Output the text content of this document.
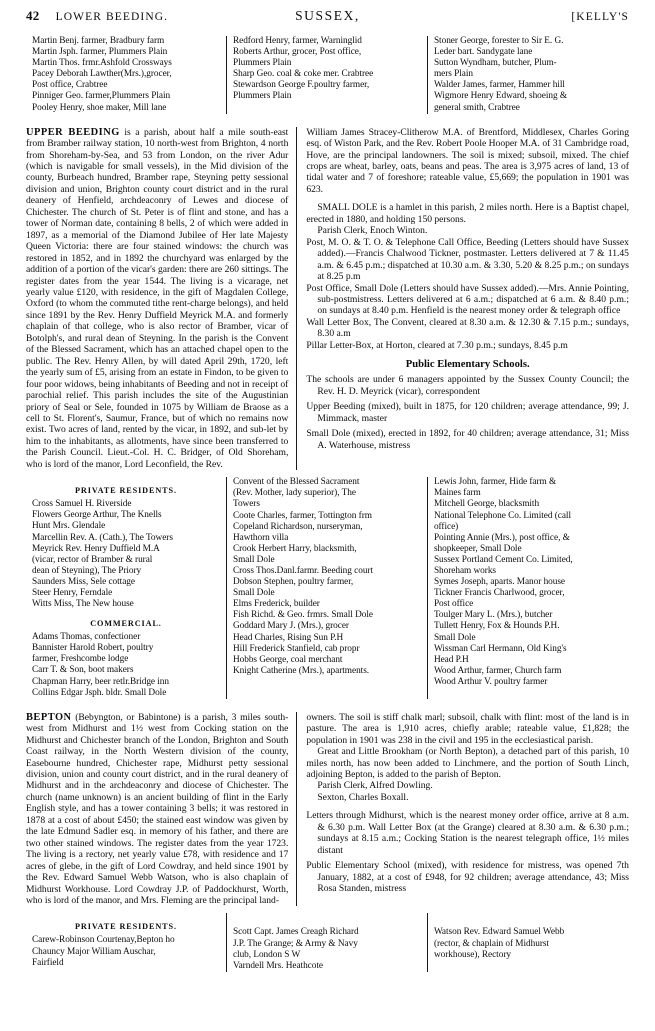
42 LOWER BEEDING.	SUSSEX,	[KELLY'S
Martin Benj. farmer, Bradbury farm
Martin Jsph. farmer, Plummers Plain
Martin Thos. frmr.Ashfold Crossways
Pacey Deborah Lawther(Mrs.),grocer,
Post office, Crabtree
Pinniger Geo. farmer,Plummers Plain
Pooley Henry, shoe maker, Mill lane
Redford Henry, farmer, Warninglid
Roberts Arthur, grocer, Post office,
Plummers Plain
Sharp Geo. coal & coke mer. Crabtree
Stewardson George F.poultry farmer,
Plummers Plain
Stoner George, forester to Sir E. G.
Leder bart. Sandygate lane
Sutton Wyndham, butcher, Plum-
mers Plain
Walder James, farmer, Hammer hill
Wigmore Henry Edward, shoeing &
general smith, Crabtree

UPPER BEEDING is a parish, about half a mile south-east from Bramber railway station, 10 north-west from Brighton, 4 north from Shoreham-by-Sea, and 53 from London, on the river Adur (which is navigable for small vessels), in the Mid division of the county, Burbeach hundred, Bramber rape, Steyning petty sessional division and union, Brighton county court district and in the rural deanery of Henfield, archdeaconry of Lewes and diocese of Chichester. The church of St. Peter is of flint and stone, and has a tower of Norman date, containing 8 bells, 2 of which were added in 1897, as a memorial of the Diamond Jubilee of Her late Majesty Queen Victoria: there are four stained windows: the church was restored in 1852, and in 1892 the churchyard was enlarged by the addition of a portion of the vicar's garden: there are 260 sittings. The register dates from the year 1544. The living is a vicarage, net yearly value £120, with residence, in the gift of Magdalen College, Oxford (to whom the commuted tithe rent-charge belongs), and held since 1891 by the Rev. Henry Duffield Meyrick M.A. and formerly chaplain of that college, who is also rector of Bramber, vicar of Botolph's, and rural dean of Steyning. In the parish is the Convent of the Blessed Sacrament, which has an attached chapel open to the public. The Rev. Henry Allen, by will dated April 29th, 1720, left the yearly sum of £5, arising from an estate in Findon, to be given to four poor widows, being inhabitants of Beeding and not in receipt of parochial relief. This parish includes the site of the Augustinian priory of Seal or Sele, founded in 1075 by William de Braose as a cell to St. Florent's, Saumur, France, but of which no remains now exist. Two acres of land, rented by the vicar, in 1892, and sub-let by him to the inhabitants, as allotments, have since been transferred to the Parish Council. Lieut.-Col. H. C. Bridger, of Old Shoreham, who is lord of the manor, Lord Leconfield, the Rev.

William James Stracey-Clitherow M.A. of Brentford, Middlesex, Charles Goring esq. of Wiston Park, and the Rev. Robert Poole Hooper M.A. of 31 Cambridge road, Hove, are the principal landowners. The soil is mixed; subsoil, mixed. The chief crops are wheat, barley, oats, beans and peas. The area is 3,975 acres of land, 13 of tidal water and 7 of foreshore; rateable value, £5,669; the population in 1901 was 623.

SMALL DOLE is a hamlet in this parish, 2 miles north. Here is a Baptist chapel, erected in 1880, and holding 150 persons.

Parish Clerk, Enoch Winton.

Post, M. O. & T. O. & Telephone Call Office, Beeding (Letters should have Sussex added).—Francis Chalwood Tickner, postmaster. Letters delivered at 7 & 11.45 a.m. & 6.45 p.m.; dispatched at 10.30 a.m. & 3.30, 5.20 & 8.25 p.m.; on sundays at 8.25 p.m

Post Office, Small Dole (Letters should have Sussex added).—Mrs. Annie Pointing, sub-postmistress. Letters delivered at 6 a.m.; dispatched at 6 a.m. & 8.40 p.m.; on sundays at 8.40 p.m. Henfield is the nearest money order & telegraph office

Wall Letter Box, The Convent, cleared at 8.30 a.m. & 12.30 & 7.15 p.m.; sundays, 8.30 a.m

Pillar Letter-Box, at Horton, cleared at 7.30 p.m.; sundays, 8.45 p.m

Public Elementary Schools.

The schools are under 6 managers appointed by the Sussex County Council; the Rev. H. D. Meyrick (vicar), correspondent

Upper Beeding (mixed), built in 1875, for 120 children; average attendance, 99; J. Mimmack, master

Small Dole (mixed), erected in 1892, for 40 children; average attendance, 31; Miss A. Waterhouse, mistress

PRIVATE RESIDENTS.
Cross Samuel H. Riverside
Flowers George Arthur, The Knells
Hunt Mrs. Glendale
Marcellin Rev. A. (Cath.), The Towers
Meyrick Rev. Henry Duffield M.A
(vicar, rector of Bramber & rural
dean of Steyning), The Priory
Saunders Miss, Sele cottage
Steer Henry, Ferndale
Witts Miss, The New house
COMMERCIAL.
Adams Thomas, confectioner
Bannister Harold Robert, poultry
farmer, Freshcombe lodge
Carr T. & Son, boot makers
Chapman Harry, beer retlr.Bridge inn
Collins Edgar Jsph. bldr. Small Dole
Convent of the Blessed Sacrament
(Rev. Mother, lady superior), The
Towers
Coote Charles, farmer, Tottington frm
Copeland Richardson, nurseryman,
Hawthorn villa
Crook Herbert Harry, blacksmith,
Small Dole
Cross Thos.Danl.farmr. Beeding court
Dobson Stephen, poultry farmer,
Small Dole
Elms Frederick, builder
Fish Richd. & Geo. frmrs. Small Dole
Goddard Mary J. (Mrs.), grocer
Head Charles, Rising Sun P.H
Hill Frederick Stanfield, cab propr
Hobbs George, coal merchant
Knight Catherine (Mrs.), apartments.
Lewis John, farmer, Hide farm &
Maines farm
Mitchell George, blacksmith
National Telephone Co. Limited (call
office)
Pointing Annie (Mrs.), post office, &
shopkeeper, Small Dole
Sussex Portland Cement Co. Limited,
Shoreham works
Symes Joseph, aparts. Manor house
Tickner Francis Charlwood, grocer,
Post office
Toulger Mary L. (Mrs.), butcher
Tullett Henry, Fox & Hounds P.H.
Small Dole
Wissman Carl Hermann, Old King's
Head P.H
Wood Arthur, farmer, Church farm
Wood Arthur V. poultry farmer

BEPTON (Bebyngton, or Babintone) is a parish, 3 miles south-west from Midhurst and 1½ west from Cocking station on the Midhurst and Chichester branch of the London, Brighton and South Coast railway, in the North Western division of the county, Easebourne hundred, Chichester rape, Midhurst petty sessional division, union and county court district, and in the rural deanery of Midhurst and in the archdeaconry and diocese of Chichester. The church (name unknown) is an ancient building of flint in the Early English style, and has a tower containing 3 bells; it was restored in 1878 at a cost of about £450; the stained east window was given by the late Edmund Sadler esq. in memory of his father, and there are two other stained windows. The register dates from the year 1723. The living is a rectory, net yearly value £78, with residence and 17 acres of glebe, in the gift of Lord Cowdray, and held since 1901 by the Rev. Edward Samuel Webb Watson, who is also chaplain of Midhurst Workhouse. Lord Cowdray J.P. of Paddockhurst, Worth, who is lord of the manor, and Mrs. Fleming are the principal land-

owners. The soil is stiff chalk marl; subsoil, chalk with flint: most of the land is in pasture. The area is 1,910 acres, chiefly arable; rateable value, £1,828; the population in 1901 was 238 in the civil and 195 in the ecclesiastical parish.

Great and Little Brookham (or North Bepton), a detached part of this parish, 10 miles north, has now been added to Linchmere, and the portion of South Linch, adjoining Bepton, is added to the parish of Bepton.

Parish Clerk, Alfred Dowling.

Sexton, Charles Boxall.

Letters through Midhurst, which is the nearest money order office, arrive at 8 a.m. & 6.30 p.m. Wall Letter Box (at the Grange) cleared at 8.30 a.m. & 6.30 p.m.; sundays at 8.15 a.m.; Cocking Station is the nearest telegraph office, 1½ miles distant

Public Elementary School (mixed), with residence for mistress, was opened 7th January, 1882, at a cost of £948, for 92 children; average attendance, 43; Miss Rosa Standen, mistress

PRIVATE RESIDENTS.
Carew-Robinson Courtenay,Bepton ho
Chauncy Major William Auschar,
Fairfield
Scott Capt. James Creagh Richard
J.P. The Grange; & Army & Navy
club, London S W
Varndell Mrs. Heathcote
Watson Rev. Edward Samuel Webb
(rector, & chaplain of Midhurst
workhouse), Rectory
